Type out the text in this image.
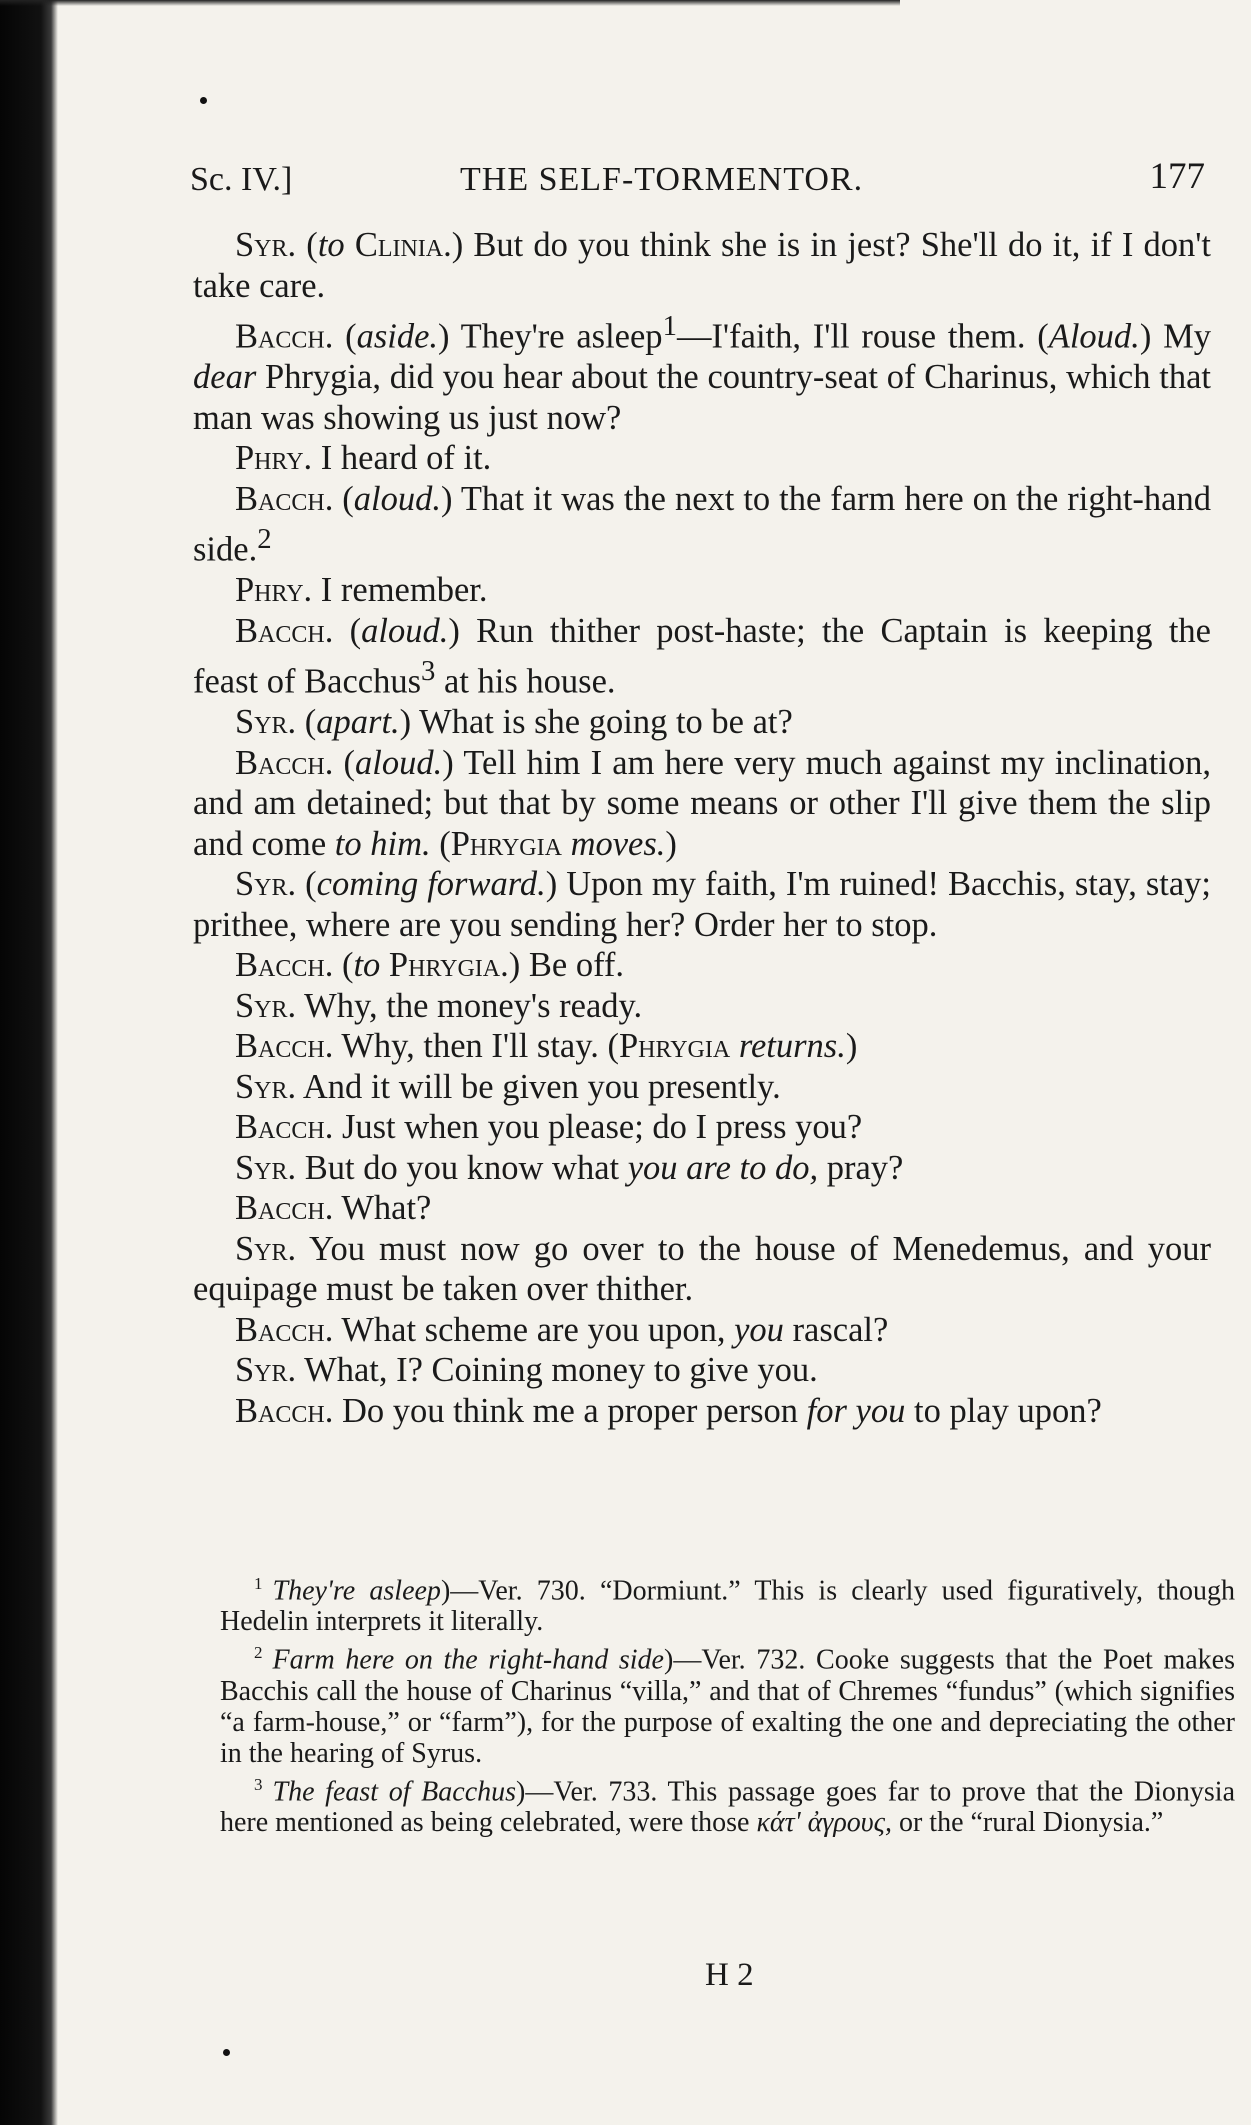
Sc. IV.]	THE SELF-TORMENTOR.	177

Syr. (to Clinia.) But do you think she is in jest? She'll do it, if I don't take care.

Bacch. (aside.) They're asleep$^1$—I'faith, I'll rouse them. (Aloud.) My dear Phrygia, did you hear about the country-seat of Charinus, which that man was showing us just now?

Phry. I heard of it.

Bacch. (aloud.) That it was the next to the farm here on the right-hand side.$^2$

Phry. I remember.

Bacch. (aloud.) Run thither post-haste; the Captain is keeping the feast of Bacchus$^3$ at his house.

Syr. (apart.) What is she going to be at?

Bacch. (aloud.) Tell him I am here very much against my inclination, and am detained; but that by some means or other I'll give them the slip and come to him. (Phrygia moves.)

Syr. (coming forward.) Upon my faith, I'm ruined! Bacchis, stay, stay; prithee, where are you sending her? Order her to stop.

Bacch. (to Phrygia.) Be off.

Syr. Why, the money's ready.

Bacch. Why, then I'll stay. (Phrygia returns.)

Syr. And it will be given you presently.

Bacch. Just when you please; do I press you?

Syr. But do you know what you are to do, pray?

Bacch. What?

Syr. You must now go over to the house of Menedemus, and your equipage must be taken over thither.

Bacch. What scheme are you upon, you rascal?

Syr. What, I? Coining money to give you.

Bacch. Do you think me a proper person for you to play upon?

$^1$ They're asleep)—Ver. 730. “Dormiunt.” This is clearly used figuratively, though Hedelin interprets it literally.

$^2$ Farm here on the right-hand side)—Ver. 732. Cooke suggests that the Poet makes Bacchis call the house of Charinus “villa,” and that of Chremes “fundus” (which signifies “a farm-house,” or “farm”), for the purpose of exalting the one and depreciating the other in the hearing of Syrus.

$^3$ The feast of Bacchus)—Ver. 733. This passage goes far to prove that the Dionysia here mentioned as being celebrated, were those κάτ' ἀγρους, or the “rural Dionysia.”

H 2
